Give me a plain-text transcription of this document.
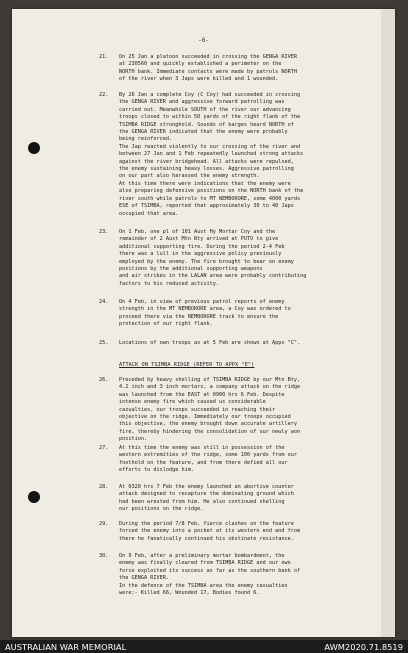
-6-
21.	On 25 Jan a platoon succeeded in crossing the GENGA RIVER
at 230560 and quickly established a perimeter on the
NORTH bank. Immediate contacts were made by patrols NORTH
of the river when 3 Japs were killed and 1 wounded.
22.	By 26 Jan a complete Coy (C Coy) had succeeded in crossing
the GENGA RIVER and aggressive forward patrolling was
carried out. Meanwhile SOUTH of the river our advancing
troops closed to within 50 yards of the right flank of the
TSIMBA RIDGE stronghold. Sounds of barges heard NORTH of
the GENGA RIVER indicated that the enemy were probably
being reinforced.
The Jap reacted violently to our crossing of the river and
between 27 Jan and 1 Feb repeatedly launched strong attacks
against the river bridgehead. All attacks were repulsed,
the enemy sustaining heavy losses. Aggressive patrolling
on our part also harassed the enemy strength.
At this time there were indications that the enemy were
also preparing defensive positions on the NORTH bank of the
river south while patrols to MT NEMBORORE, some 4000 yards
ESE of TSIMBA, reported that approximately 30 to 40 Japs
occupied that area.
23.	On 1 Feb, one pl of 101 Aust Hy Mortar Coy and the
remainder of 2 Aust Mtn Bty arrived at PUTO to give
additional supporting fire. During the period 2-4 Feb
there was a lull in the aggressive policy previously
employed by the enemy. The fire brought to bear on enemy
positions by the additional supporting weapons
and air strikes in the LALAN area were probably contributing
factors to his reduced activity.
24.	On 4 Feb, in view of previous patrol reports of enemy
strength in the MT NEMBORORE area, a Coy was ordered to
proceed there via the NEMBORORE track to ensure the
protection of our right flank.
25.	Locations of own troops as at 5 Feb are shown at Appx "C".
ATTACK ON TSIMBA RIDGE (REFER TO APPX "E")
26.	Preceded by heavy shelling of TSIMBA RIDGE by our Mtn Bty,
4.2 inch and 3 inch mortars, a company attack on the ridge
was launched from the EAST at 0900 hrs 6 Feb. Despite
intense enemy fire which caused us considerable
casualties, our troops succeeded in reaching their
objective on the ridge. Immediately our troops occupied
this objective, the enemy brought down accurate artillery
fire, thereby hindering the consolidation of our newly won
position.
27.	At this time the enemy was still in possession of the
western extremities of the ridge, some 100 yards from our
foothold on the feature, and from there defied all our
efforts to dislodge him.
28.	At 0320 hrs 7 Feb the enemy launched an abortive counter
attack designed to recapture the dominating ground which
had been wrested from him. He also continued shelling
our positions on the ridge.
29.	During the period 7/8 Feb, fierce clashes on the feature
forced the enemy into a pocket at its western end and from
there he fanatically continued his obstinate resistance.
30.	On 9 Feb, after a preliminary mortar bombardment, the
enemy was finally cleared from TSIMBA RIDGE and our own
force exploited its success as far as the southern bank of
the GENGA RIVER.
In the defence of the TSIMBA area the enemy casualties
were:- Killed 66, Wounded 17, Bodies found 6.
AUSTRALIAN WAR MEMORIAL	AWM2020.71.8519
